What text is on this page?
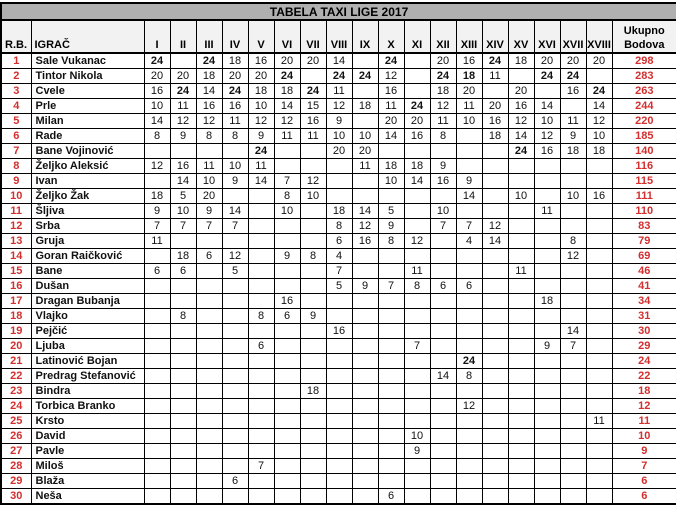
TABELA TAXI LIGE 2017																				
R.B.	IGRAČ	I	II	III	IV	V	VI	VII	VIII	IX	X	XI	XII	XIII	XIV	XV	XVI	XVII	XVIII	Ukupno
Bodova
1	Sale Vukanac	24		24	18	16	20	20	14		24		20	16	24	18	20	20	20	298
2	Tintor Nikola	20	20	18	20	20	24		24	24	12		24	18	11		24	24		283
3	Cvele	16	24	14	24	18	18	24	11		16		18	20		20		16	24	263
4	Prle	10	11	16	16	10	14	15	12	18	11	24	12	11	20	16	14		14	244
5	Milan	14	12	12	11	12	12	16	9		20	20	11	10	16	12	10	11	12	220
6	Rade	8	9	8	8	9	11	11	10	10	14	16	8		18	14	12	9	10	185
7	Bane Vojinović					24			20	20						24	16	18	18	140
8	Željko Aleksić	12	16	11	10	11				11	18	18	9							116
9	Ivan		14	10	9	14	7	12			10	14	16	9						115
10	Željko Žak	18	5	20			8	10						14		10		10	16	111
11	Šljiva	9	10	9	14		10		18	14	5		10				11			110
12	Srba	7	7	7	7				8	12	9		7	7	12					83
13	Gruja	11							6	16	8	12		4	14			8		79
14	Goran Raičković		18	6	12		9	8	4									12		69
15	Bane	6	6		5				7			11				11				46
16	Dušan								5	9	7	8	6	6						41
17	Dragan Bubanja						16										18			34
18	Vlajko		8			8	6	9												31
19	Pejčić								16									14		30
20	Ljuba					6						7					9	7		29
21	Latinović Bojan													24						24
22	Predrag Stefanović												14	8						22
23	Bindra							18												18
24	Torbica Branko													12						12
25	Krsto																		11	11
26	David											10								10
27	Pavle											9								9
28	Miloš					7														7
29	Blaža				6															6
30	Neša										6									6
